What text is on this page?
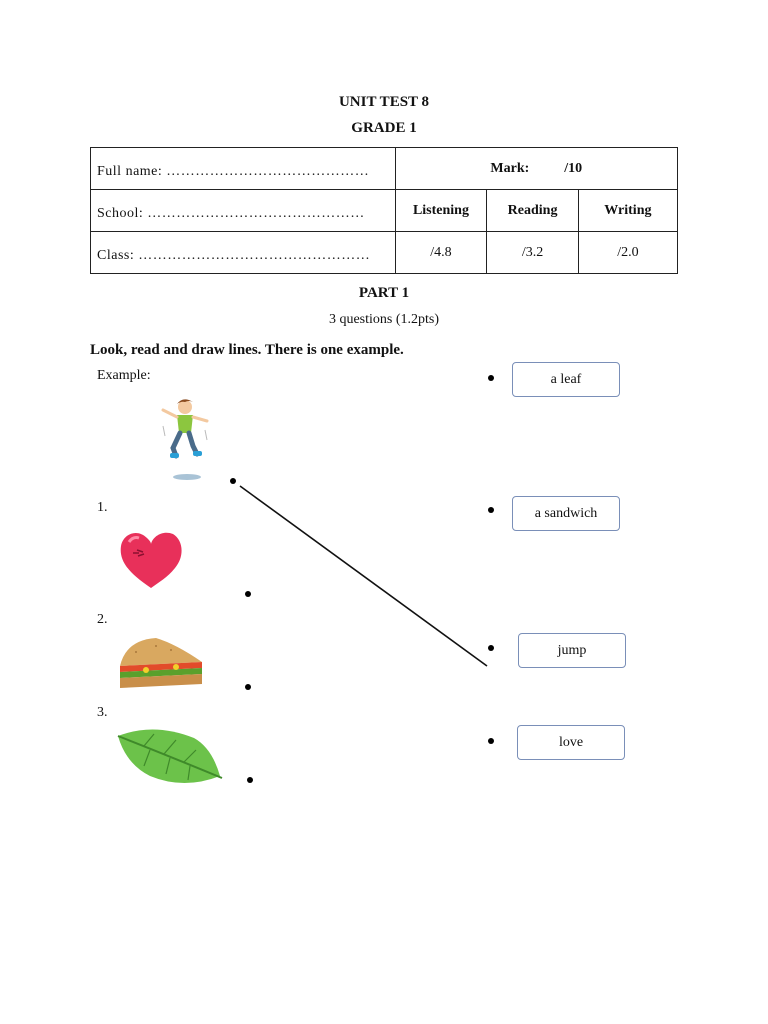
UNIT TEST 8
GRADE 1
Full name: ……………………………………	Mark: /10		
School: ………………………………………	Listening	Reading	Writing
Class: …………………………………………	/4.8	/3.2	/2.0
PART 1
3 questions (1.2pts)
Look, read and draw lines. There is one example.
Example:
1.
2.
3.
a leaf
a sandwich
jump
love
